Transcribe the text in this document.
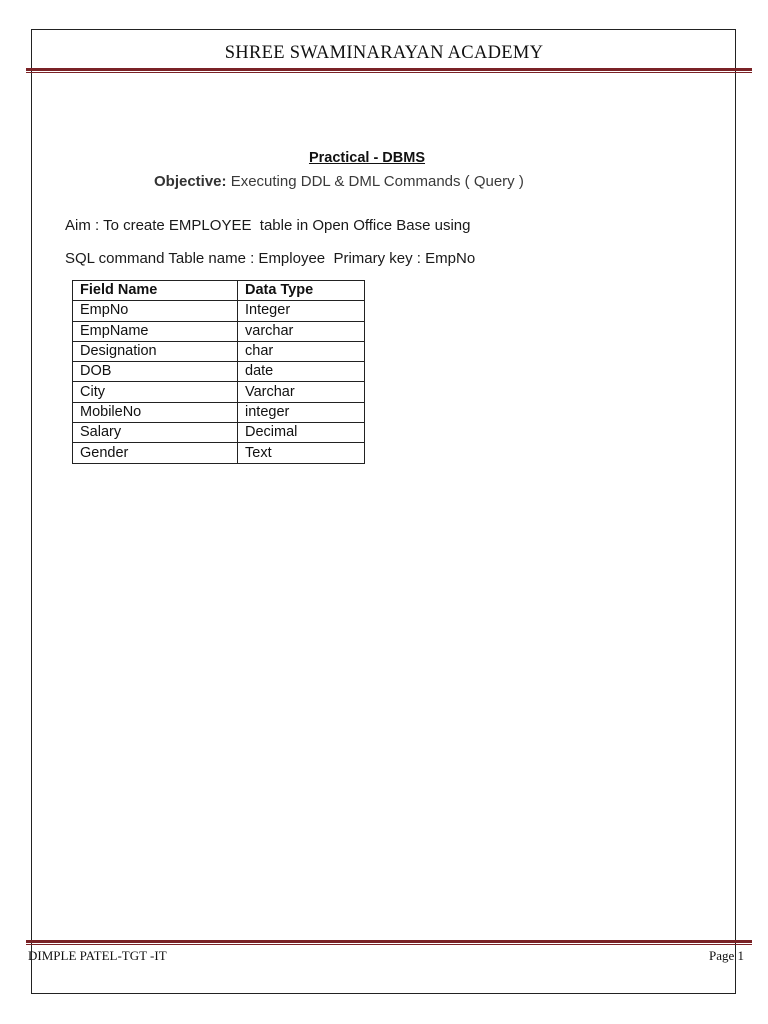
SHREE SWAMINARAYAN ACADEMY
Practical - DBMS
Objective: Executing DDL & DML Commands ( Query )
Aim : To create EMPLOYEE  table in Open Office Base using
SQL command Table name : Employee  Primary key : EmpNo
Field Name	Data Type
EmpNo	Integer
EmpName	varchar
Designation	char
DOB	date
City	Varchar
MobileNo	integer
Salary	Decimal
Gender	Text
DIMPLE PATEL-TGT -IT	Page 1
